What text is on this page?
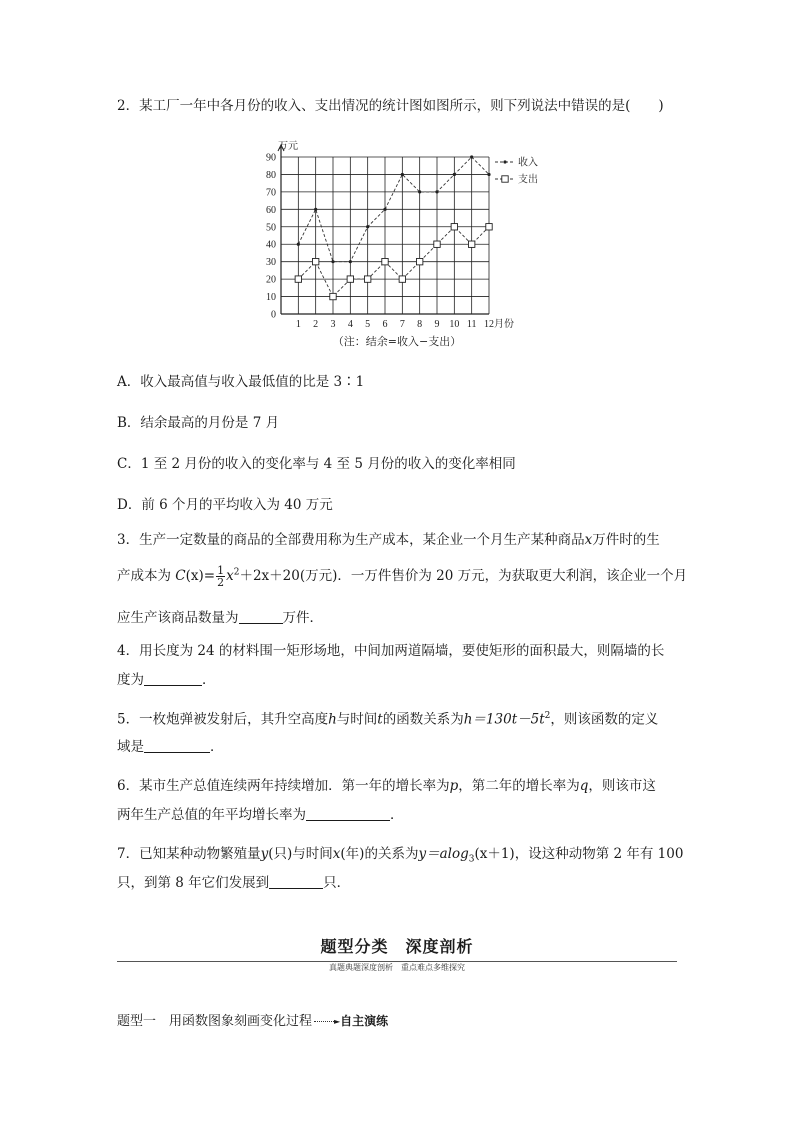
2．某工厂一年中各月份的收入、支出情况的统计图如图所示，则下列说法中错误的是( )
0
10
20
30
40
50
60
70
80
90
1 2 3 4 5 6 7 8 9 10 11 12
万元
月份
收入
支出
（注：结余=收入−支出）
A．收入最高值与收入最低值的比是 3∶1
B．结余最高的月份是 7 月
C．1 至 2 月份的收入的变化率与 4 至 5 月份的收入的变化率相同
D．前 6 个月的平均收入为 40 万元
3．生产一定数量的商品的全部费用称为生产成本，某企业一个月生产某种商品x万件时的生
产成本为 $C(x)= \frac{1}{2} x^2+2x+20$(万元)．一万件售价为 20 万元，为获取更大利润，该企业一个月
应生产该商品数量为	万件．
4．用长度为 24 的材料围一矩形场地，中间加两道隔墙，要使矩形的面积最大，则隔墙的长
度为	．
5．一枚炮弹被发射后，其升空高度h与时间t的函数关系为$h=130t-5t^2$，则该函数的定义
域是	．
6．某市生产总值连续两年持续增加．第一年的增长率为p，第二年的增长率为q，则该市这
两年生产总值的年平均增长率为	．
7．已知某种动物繁殖量y(只)与时间x(年)的关系为y＝alog$_3$(x＋1)，设这种动物第 2 年有 100
只，到第 8 年它们发展到	只．
题型分类　深度剖析
真题典题深度剖析　重点难点多维探究
题型一　用函数图象刻画变化过程	►自主演练
